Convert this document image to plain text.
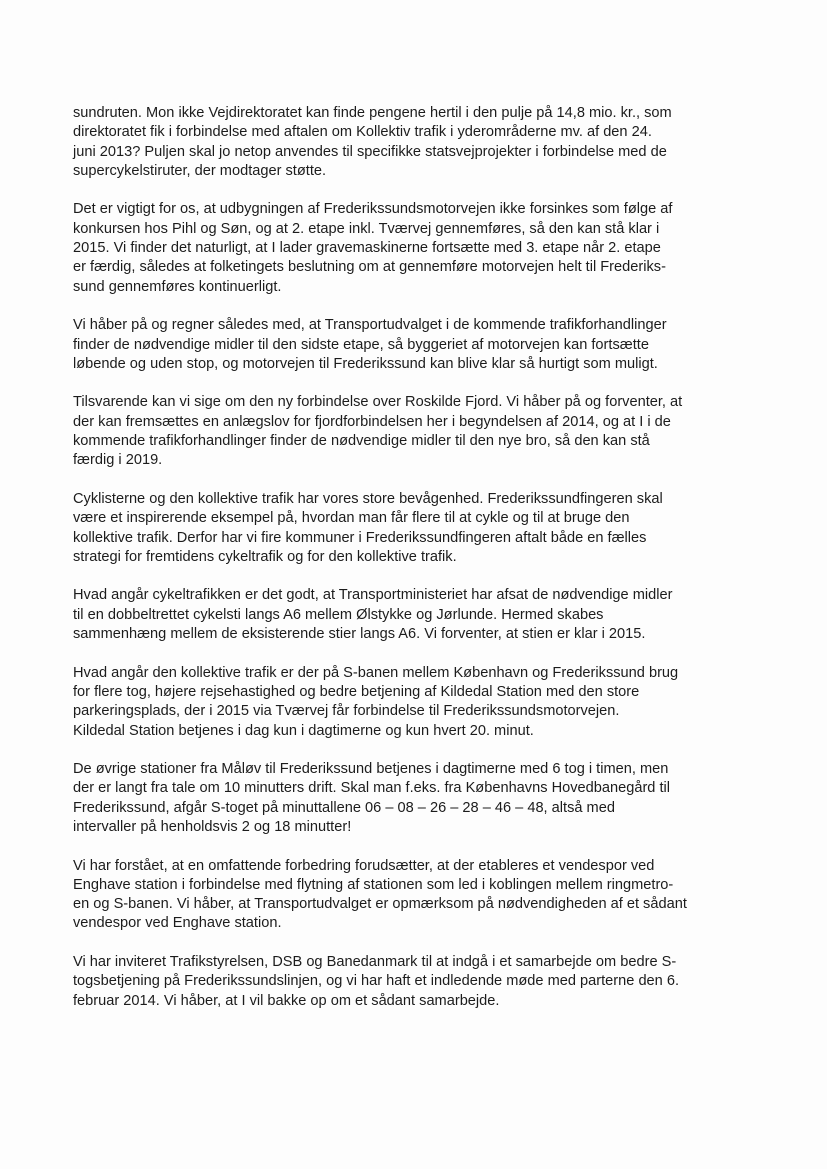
sundruten. Mon ikke Vejdirektoratet kan finde pengene hertil i den pulje på 14,8 mio. kr., som
direktoratet fik i forbindelse med aftalen om Kollektiv trafik i yderområderne mv. af den 24.
juni 2013? Puljen skal jo netop anvendes til specifikke statsvejprojekter i forbindelse med de
supercykelstiruter, der modtager støtte.
Det er vigtigt for os, at udbygningen af Frederikssundsmotorvejen ikke forsinkes som følge af
konkursen hos Pihl og Søn, og at 2. etape inkl. Tværvej gennemføres, så den kan stå klar i
2015. Vi finder det naturligt, at I lader gravemaskinerne fortsætte med 3. etape når 2. etape
er færdig, således at folketingets beslutning om at gennemføre motorvejen helt til Frederiks-
sund gennemføres kontinuerligt.
Vi håber på og regner således med, at Transportudvalget i de kommende trafikforhandlinger
finder de nødvendige midler til den sidste etape, så byggeriet af motorvejen kan fortsætte
løbende og uden stop, og motorvejen til Frederikssund kan blive klar så hurtigt som muligt.
Tilsvarende kan vi sige om den ny forbindelse over Roskilde Fjord. Vi håber på og forventer, at
der kan fremsættes en anlægslov for fjordforbindelsen her i begyndelsen af 2014, og at I i de
kommende trafikforhandlinger finder de nødvendige midler til den nye bro, så den kan stå
færdig i 2019.
Cyklisterne og den kollektive trafik har vores store bevågenhed. Frederikssundfingeren skal
være et inspirerende eksempel på, hvordan man får flere til at cykle og til at bruge den
kollektive trafik. Derfor har vi fire kommuner i Frederikssundfingeren aftalt både en fælles
strategi for fremtidens cykeltrafik og for den kollektive trafik.
Hvad angår cykeltrafikken er det godt, at Transportministeriet har afsat de nødvendige midler
til en dobbeltrettet cykelsti langs A6 mellem Ølstykke og Jørlunde. Hermed skabes
sammenhæng mellem de eksisterende stier langs A6. Vi forventer, at stien er klar i 2015.
Hvad angår den kollektive trafik er der på S-banen mellem København og Frederikssund brug
for flere tog, højere rejsehastighed og bedre betjening af Kildedal Station med den store
parkeringsplads, der i 2015 via Tværvej får forbindelse til Frederikssundsmotorvejen.
Kildedal Station betjenes i dag kun i dagtimerne og kun hvert 20. minut.
De øvrige stationer fra Måløv til Frederikssund betjenes i dagtimerne med 6 tog i timen, men
der er langt fra tale om 10 minutters drift. Skal man f.eks. fra Københavns Hovedbanegård til
Frederikssund, afgår S-toget på minuttallene 06 – 08 – 26 – 28 – 46 – 48, altså med
intervaller på henholdsvis 2 og 18 minutter!
Vi har forstået, at en omfattende forbedring forudsætter, at der etableres et vendespor ved
Enghave station i forbindelse med flytning af stationen som led i koblingen mellem ringmetro-
en og S-banen. Vi håber, at Transportudvalget er opmærksom på nødvendigheden af et sådant
vendespor ved Enghave station.
Vi har inviteret Trafikstyrelsen, DSB og Banedanmark til at indgå i et samarbejde om bedre S-
togsbetjening på Frederikssundslinjen, og vi har haft et indledende møde med parterne den 6.
februar 2014. Vi håber, at I vil bakke op om et sådant samarbejde.
